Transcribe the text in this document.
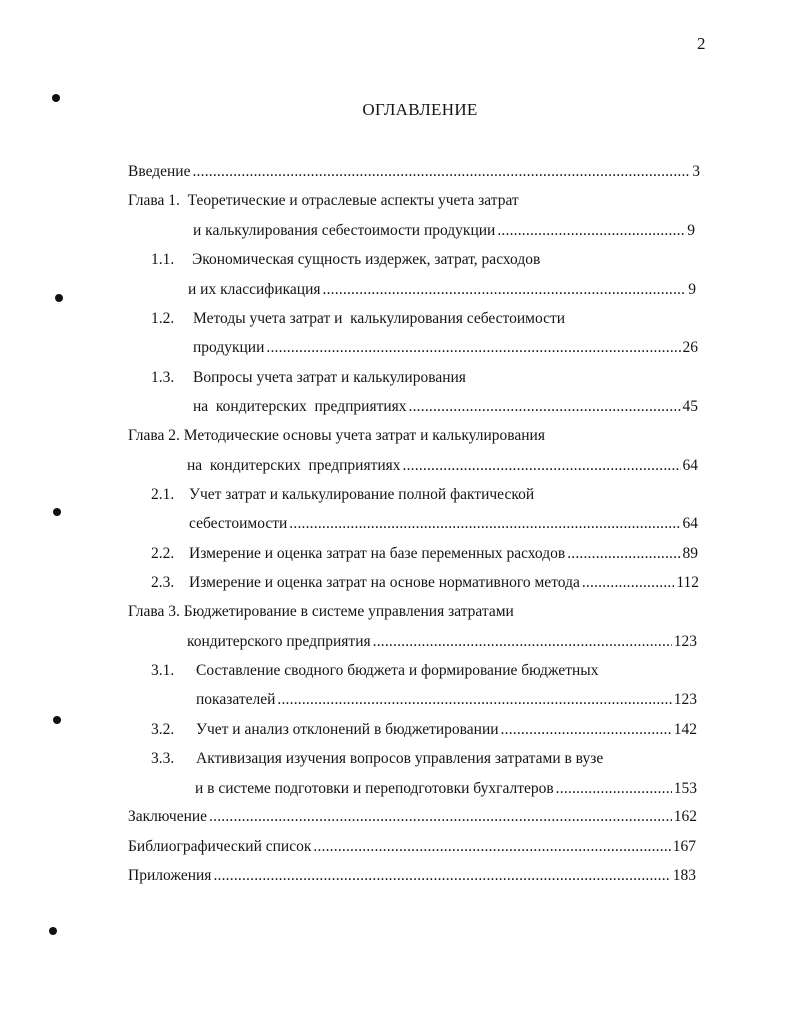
2
ОГЛАВЛЕНИЕ
Введение .....	3
Глава 1.  Теоретические и отраслевые аспекты учета затрат
и калькулирования себестоимости продукции .....	9
1.1.	Экономическая сущность издержек, затрат, расходов
и их классификация .....	9
1.2.	Методы учета затрат и  калькулирования себестоимости
продукции .....	26
1.3.	Вопросы учета затрат и калькулирования
на  кондитерских  предприятиях .....	45
Глава 2. Методические основы учета затрат и калькулирования
на  кондитерских  предприятиях .....	64
2.1. Учет затрат и калькулирование полной фактической
себестоимости .....	64
2.2. Измерение и оценка затрат на базе переменных расходов .....	89
2.3. Измерение и оценка затрат на основе нормативного метода .....	112
Глава 3. Бюджетирование в системе управления затратами
кондитерского предприятия .....	123
3.1.	Составление сводного бюджета и формирование бюджетных
показателей .....	123
3.2.	Учет и анализ отклонений в бюджетировании .....	142
3.3.	Активизация изучения вопросов управления затратами в вузе
и в системе подготовки и переподготовки бухгалтеров .....	153
Заключение .....	162
Библиографический список .....	167
Приложения .....	183
